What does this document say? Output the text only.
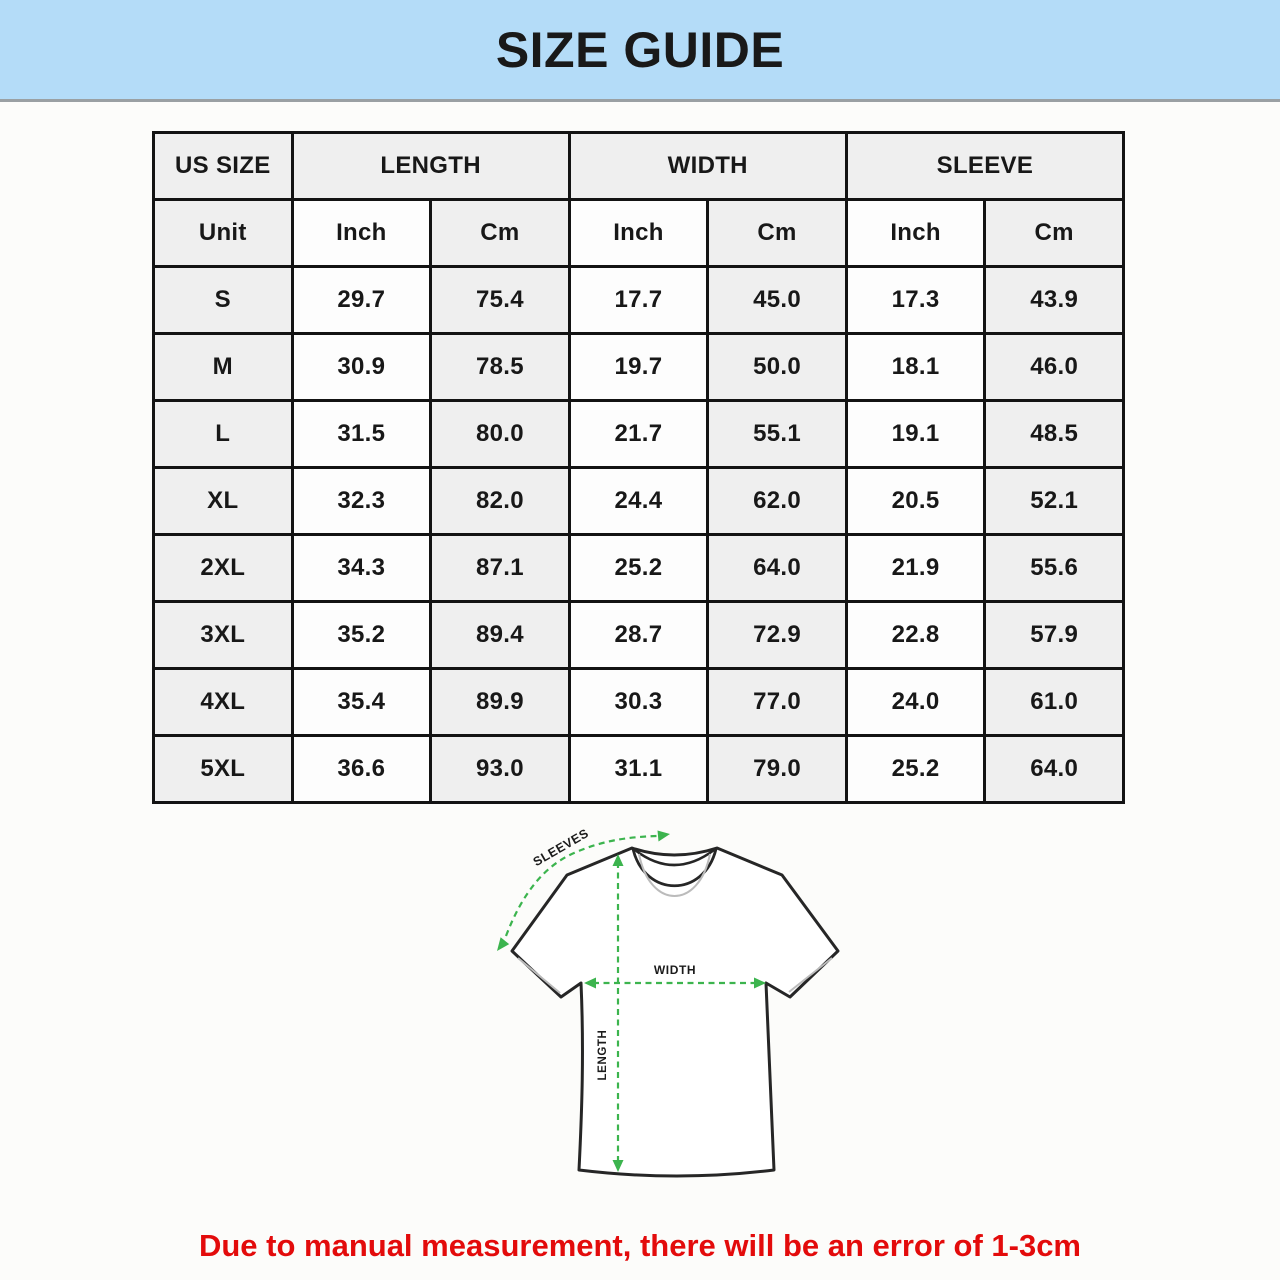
SIZE GUIDE
US SIZE	LENGTH		WIDTH		SLEEVE	
Unit	Inch	Cm	Inch	Cm	Inch	Cm
S	29.7	75.4	17.7	45.0	17.3	43.9
M	30.9	78.5	19.7	50.0	18.1	46.0
L	31.5	80.0	21.7	55.1	19.1	48.5
XL	32.3	82.0	24.4	62.0	20.5	52.1
2XL	34.3	87.1	25.2	64.0	21.9	55.6
3XL	35.2	89.4	28.7	72.9	22.8	57.9
4XL	35.4	89.9	30.3	77.0	24.0	61.0
5XL	36.6	93.0	31.1	79.0	25.2	64.0
LENGTH
WIDTH
SLEEVES
Due to manual measurement, there will be an error of 1-3cm
